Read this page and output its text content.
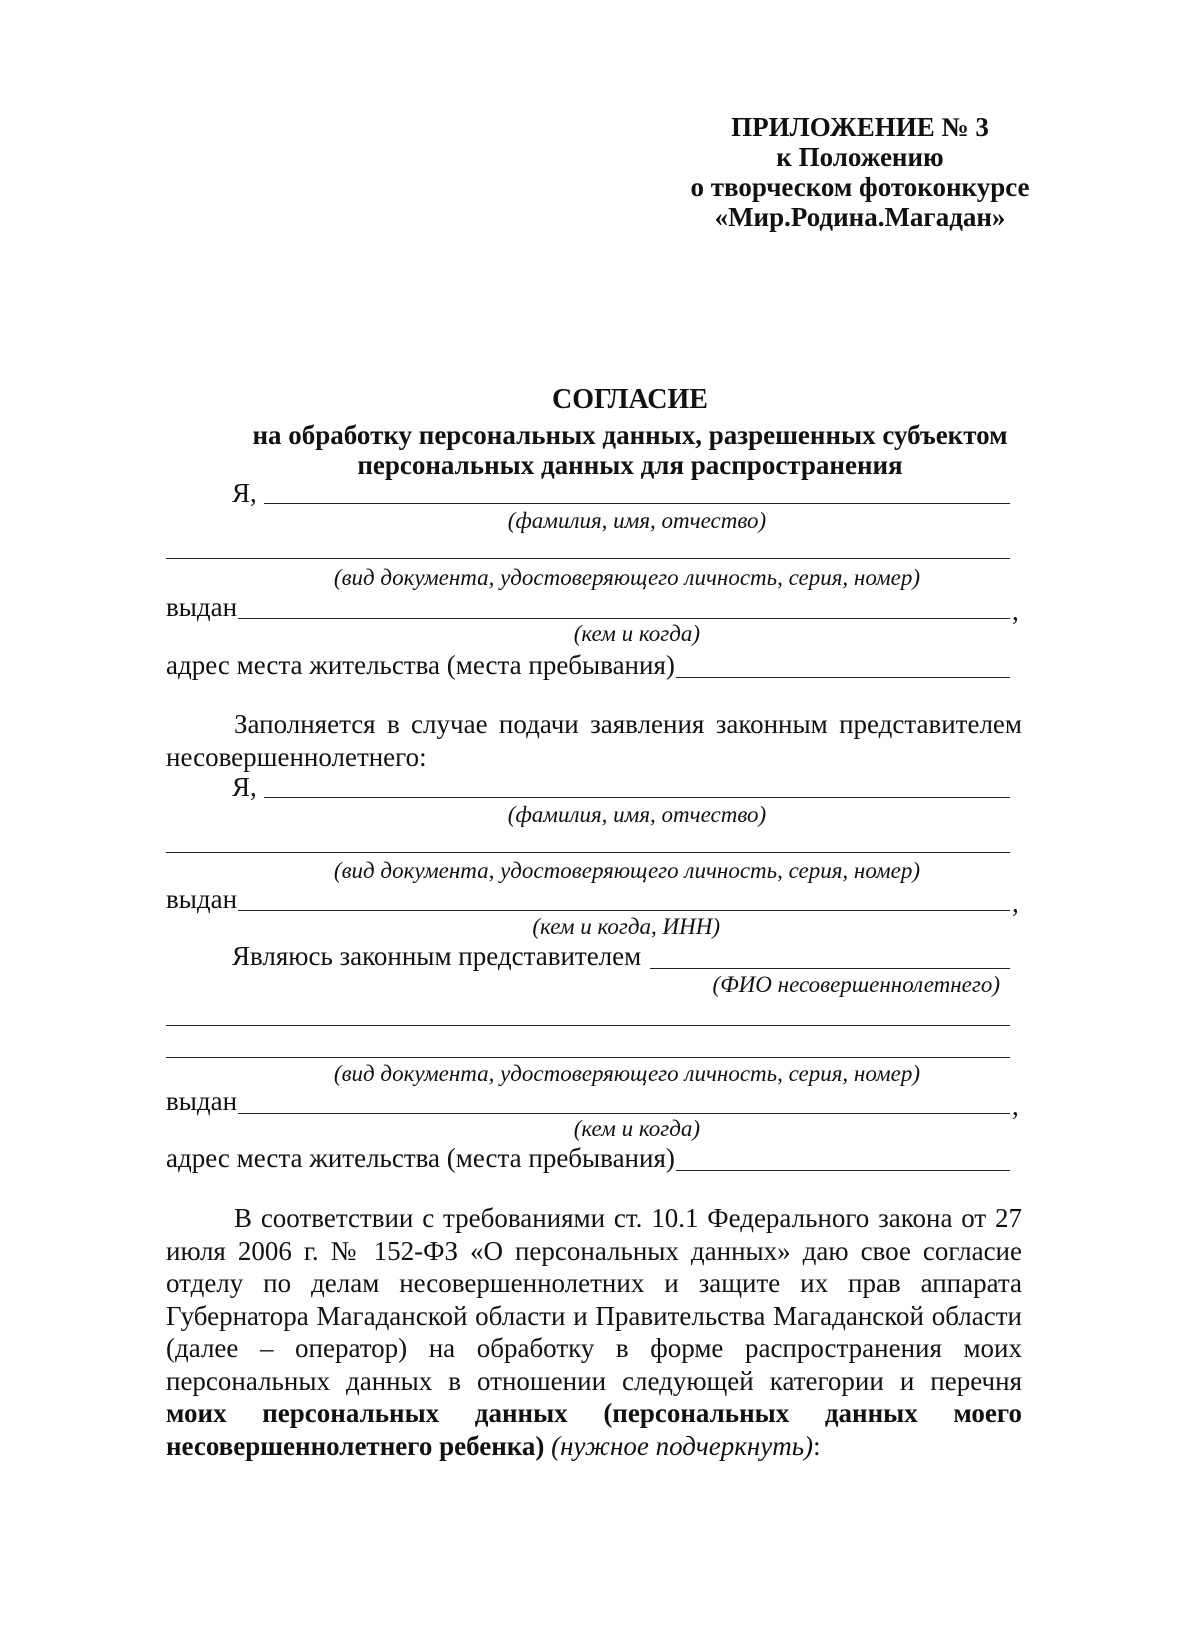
ПРИЛОЖЕНИЕ № 3
к Положению
о творческом фотоконкурсе
«Мир.Родина.Магадан»
СОГЛАСИЕ
на обработку персональных данных, разрешенных субъектом
персональных данных для распространения
Я,
(фамилия, имя, отчество)
(вид документа, удостоверяющего личность, серия, номер)
выдан	,
(кем и когда)
адрес места жительства (места пребывания)
Заполняется в случае подачи заявления законным представителем
несовершеннолетнего:
Я,
(фамилия, имя, отчество)
(вид документа, удостоверяющего личность, серия, номер)
выдан	,
(кем и когда, ИНН)
Являюсь законным представителем
(ФИО несовершеннолетнего)
(вид документа, удостоверяющего личность, серия, номер)
выдан	,
(кем и когда)
адрес места жительства (места пребывания)
В соответствии с требованиями ст. 10.1 Федерального закона от 27
июля 2006 г. № 152-ФЗ «О персональных данных» даю свое согласие
отделу по делам несовершеннолетних и защите их прав аппарата
Губернатора Магаданской области и Правительства Магаданской области
(далее – оператор) на обработку в форме распространения моих
персональных данных в отношении следующей категории и перечня
моих персональных данных (персональных данных моего
несовершеннолетнего ребенка) (нужное подчеркнуть):
